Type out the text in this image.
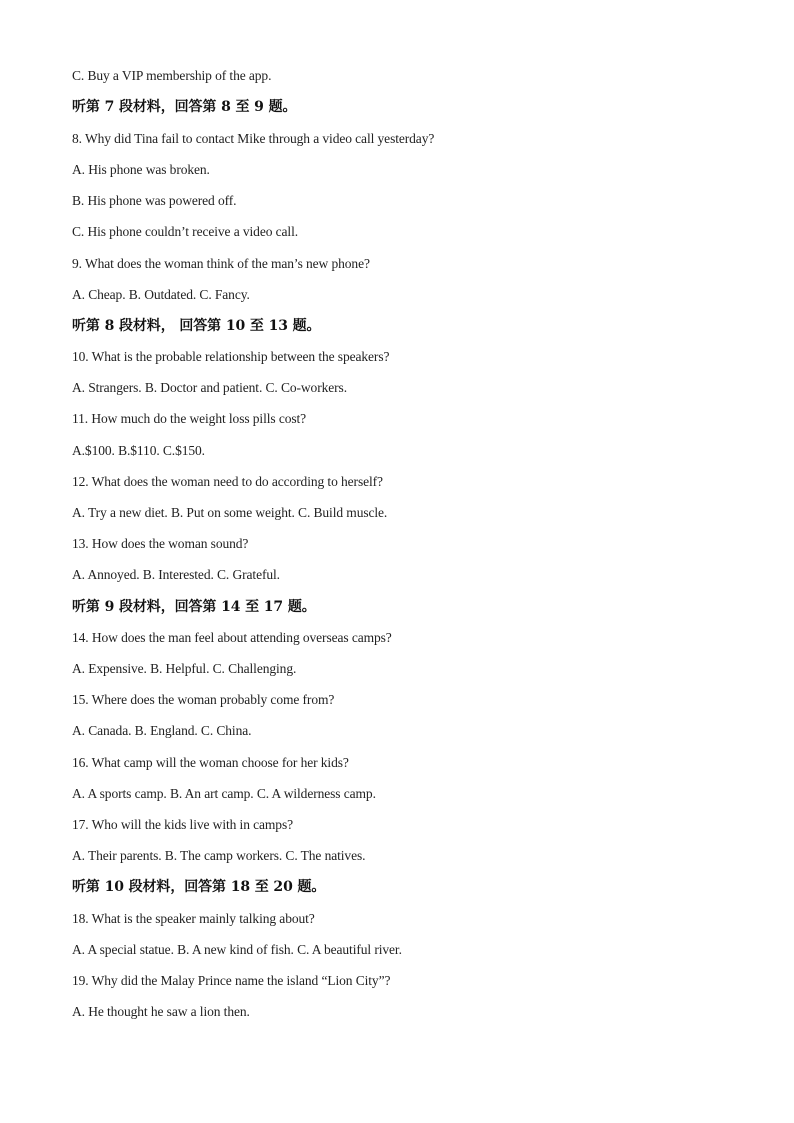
C. Buy a VIP membership of the app.
听第 7 段材料，回答第 8 至 9 题。
8. Why did Tina fail to contact Mike through a video call yesterday?
A. His phone was broken.
B. His phone was powered off.
C. His phone couldn’t receive a video call.
9. What does the woman think of the man’s new phone?
A. Cheap. B. Outdated. C. Fancy.
听第 8 段材料， 回答第 10 至 13 题。
10. What is the probable relationship between the speakers?
A. Strangers. B. Doctor and patient. C. Co-workers.
11. How much do the weight loss pills cost?
A.$100. B.$110. C.$150.
12. What does the woman need to do according to herself?
A. Try a new diet. B. Put on some weight. C. Build muscle.
13. How does the woman sound?
A. Annoyed. B. Interested. C. Grateful.
听第 9 段材料，回答第 14 至 17 题。
14. How does the man feel about attending overseas camps?
A. Expensive. B. Helpful. C. Challenging.
15. Where does the woman probably come from?
A. Canada. B. England. C. China.
16. What camp will the woman choose for her kids?
A. A sports camp. B. An art camp. C. A wilderness camp.
17. Who will the kids live with in camps?
A. Their parents. B. The camp workers. C. The natives.
听第 10 段材料，回答第 18 至 20 题。
18. What is the speaker mainly talking about?
A. A special statue. B. A new kind of fish. C. A beautiful river.
19. Why did the Malay Prince name the island “Lion City”?
A. He thought he saw a lion then.
